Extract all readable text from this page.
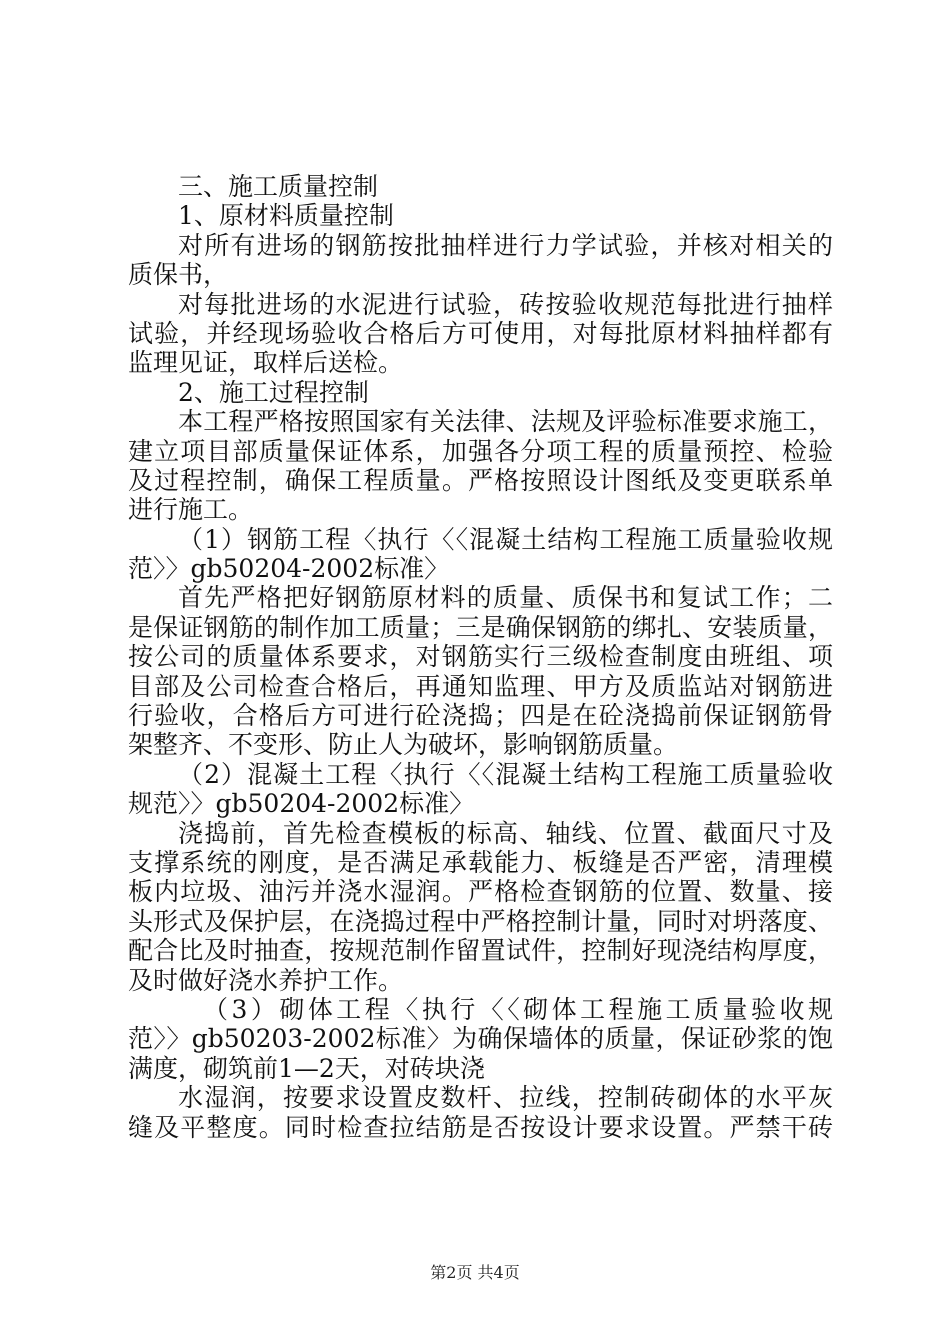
三、施工质量控制
1、原材料质量控制
对所有进场的钢筋按批抽样进行力学试验，并核对相关的
质保书，
对每批进场的水泥进行试验，砖按验收规范每批进行抽样
试验，并经现场验收合格后方可使用，对每批原材料抽样都有
监理见证，取样后送检。
2、施工过程控制
本工程严格按照国家有关法律、法规及评验标准要求施工，
建立项目部质量保证体系，加强各分项工程的质量预控、检验
及过程控制，确保工程质量。严格按照设计图纸及变更联系单
进行施工。
（1）钢筋工程〈执行〈〈混凝土结构工程施工质量验收规
范〉〉gb50204-2002标准〉
首先严格把好钢筋原材料的质量、质保书和复试工作；二
是保证钢筋的制作加工质量；三是确保钢筋的绑扎、安装质量，
按公司的质量体系要求，对钢筋实行三级检查制度由班组、项
目部及公司检查合格后，再通知监理、甲方及质监站对钢筋进
行验收，合格后方可进行砼浇捣；四是在砼浇捣前保证钢筋骨
架整齐、不变形、防止人为破坏，影响钢筋质量。
（2）混凝土工程〈执行〈〈混凝土结构工程施工质量验收
规范〉〉gb50204-2002标准〉
浇捣前，首先检查模板的标高、轴线、位置、截面尺寸及
支撑系统的刚度，是否满足承载能力、板缝是否严密，清理模
板内垃圾、油污并浇水湿润。严格检查钢筋的位置、数量、接
头形式及保护层，在浇捣过程中严格控制计量，同时对坍落度、
配合比及时抽查，按规范制作留置试件，控制好现浇结构厚度，
及时做好浇水养护工作。
（3）砌体工程〈执行〈〈砌体工程施工质量验收规
范〉〉gb50203-2002标准〉为确保墙体的质量，保证砂浆的饱
满度，砌筑前1—2天，对砖块浇
水湿润，按要求设置皮数杆、拉线，控制砖砌体的水平灰
缝及平整度。同时检查拉结筋是否按设计要求设置。严禁干砖
第2页 共4页
